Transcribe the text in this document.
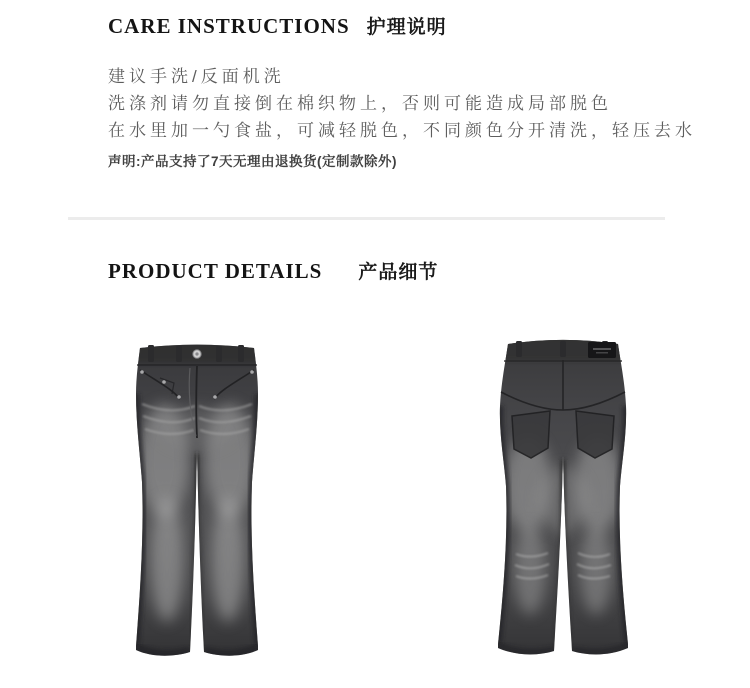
CARE INSTRUCTIONS 护理说明

建议手洗/反面机洗

洗涤剂请勿直接倒在棉织物上，否则可能造成局部脱色

在水里加一勺食盐，可减轻脱色，不同颜色分开清洗，轻压去水

声明:产品支持了7天无理由退换货(定制款除外)

PRODUCT DETAILS 产品细节
